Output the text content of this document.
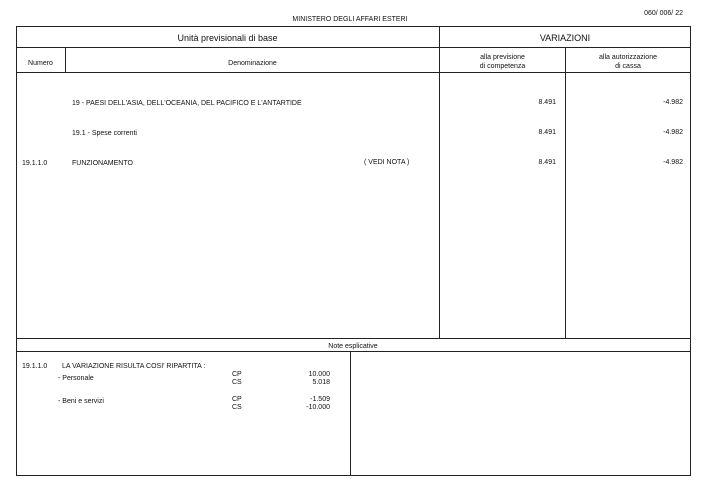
060/ 006/ 22
MINISTERO DEGLI AFFARI ESTERI
Unità previsionali di base	VARIAZIONI
Numero	Denominazione
alla previsione
di competenza
alla autorizzazione
di cassa
19 - PAESI DELL'ASIA, DELL'OCEANIA, DEL PACIFICO E L'ANTARTIDE	8.491	-4.982
19.1 - Spese correnti	8.491	-4.982
19.1.1.0	FUNZIONAMENTO	( VEDI NOTA )	8.491	-4.982
Note esplicative
19.1.1.0 LA VARIAZIONE RISULTA COSI' RIPARTITA :
- Personale
CP	10.000
CS	5.018
- Beni e servizi	CP	-1.509
CS	-10.000
